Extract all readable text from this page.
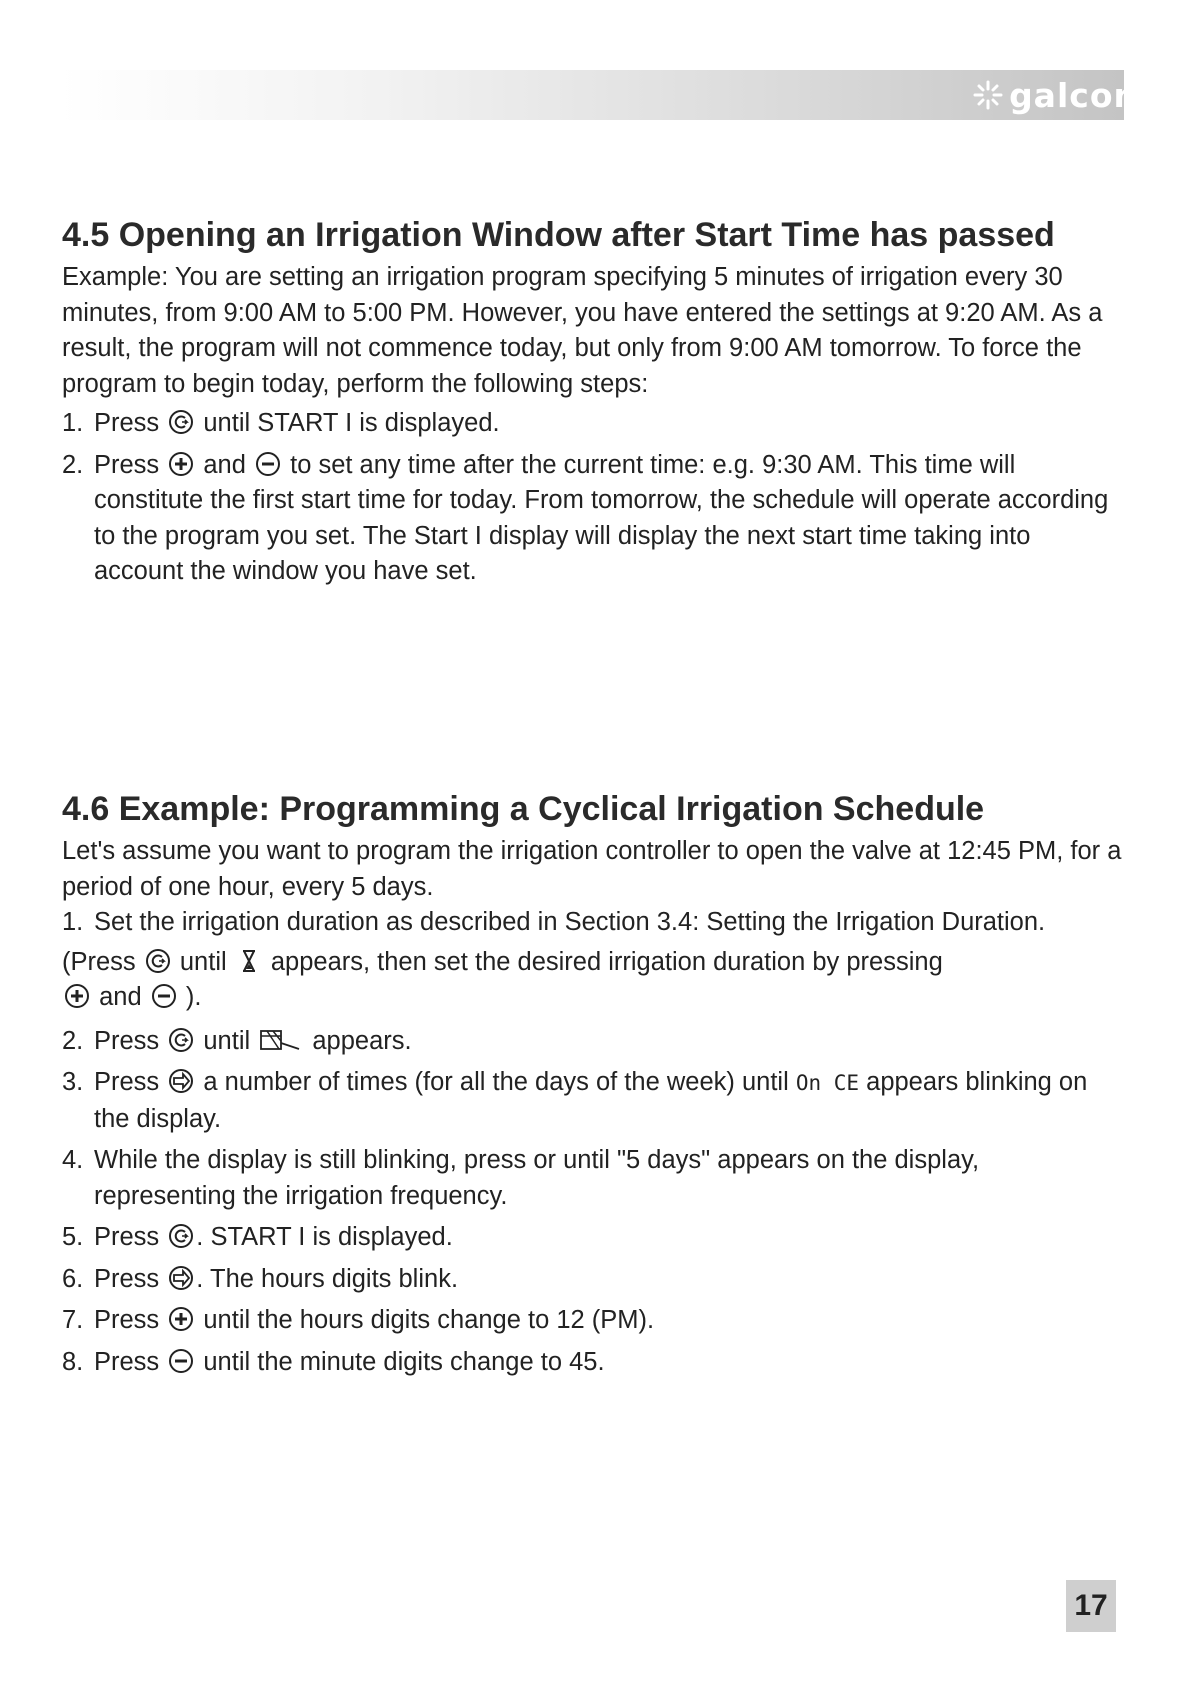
galcon
4.5 Opening an Irrigation Window after Start Time has passed

Example: You are setting an irrigation program specifying 5 minutes of irrigation every 30 minutes, from 9:00 AM to 5:00 PM. However, you have entered the settings at 9:20 AM. As a result, the program will not commence today, but only from 9:00 AM tomorrow. To force the program to begin today, perform the following steps:

1. Press until START I is displayed.
2. Press and to set any time after the current time: e.g. 9:30 AM. This time will constitute the first start time for today. From tomorrow, the schedule will operate according to the program you set. The Start I display will display the next start time taking into account the window you have set.
4.6 Example: Programming a Cyclical Irrigation Schedule

Let's assume you want to program the irrigation controller to open the valve at 12:45 PM, for a period of one hour, every 5 days.

1. Set the irrigation duration as described in Section 3.4: Setting the Irrigation Duration.
(Press until appears, then set the desired irrigation duration by pressing

and ).
2. Press until appears.
3. Press a number of times (for all the days of the week) until On CE appears blinking on the display.
4. While the display is still blinking, press or until "5 days" appears on the display, representing the irrigation frequency.
5. Press . START I is displayed.
6. Press . The hours digits blink.
7. Press until the hours digits change to 12 (PM).
8. Press until the minute digits change to 45.
17
